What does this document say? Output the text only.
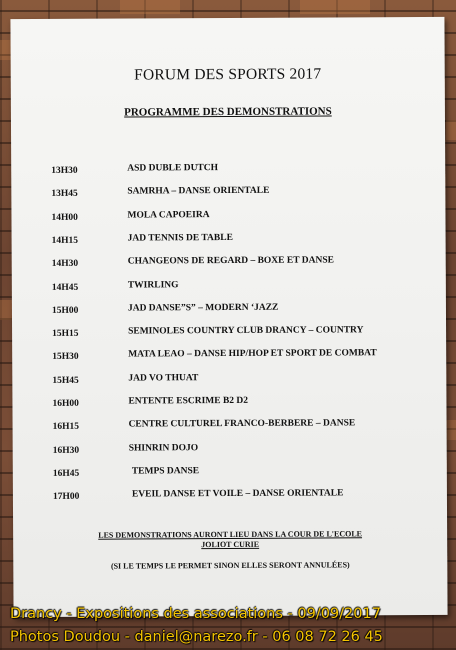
FORUM DES SPORTS 2017
PROGRAMME DES DEMONSTRATIONS
13H30	ASD DUBLE DUTCH
13H45	SAMRHA – DANSE ORIENTALE
14H00	MOLA CAPOEIRA
14H15	JAD TENNIS DE TABLE
14H30	CHANGEONS DE REGARD – BOXE ET DANSE
14H45	TWIRLING
15H00	JAD DANSE”S” – MODERN ‘JAZZ
15H15	SEMINOLES COUNTRY CLUB DRANCY – COUNTRY
15H30	MATA LEAO – DANSE HIP/HOP ET SPORT DE COMBAT
15H45	JAD VO THUAT
16H00	ENTENTE ESCRIME B2 D2
16H15	CENTRE CULTUREL FRANCO-BERBERE – DANSE
16H30	SHINRIN DOJO
16H45	TEMPS DANSE
17H00	EVEIL DANSE ET VOILE – DANSE ORIENTALE
LES DEMONSTRATIONS AURONT LIEU DANS LA COUR DE L'ECOLE
JOLIOT CURIE
(SI LE TEMPS LE PERMET SINON ELLES SERONT ANNULÉES)
Drancy - Expositions des associations - 09/09/2017
Photos Doudou - daniel@narezo.fr - 06 08 72 26 45
